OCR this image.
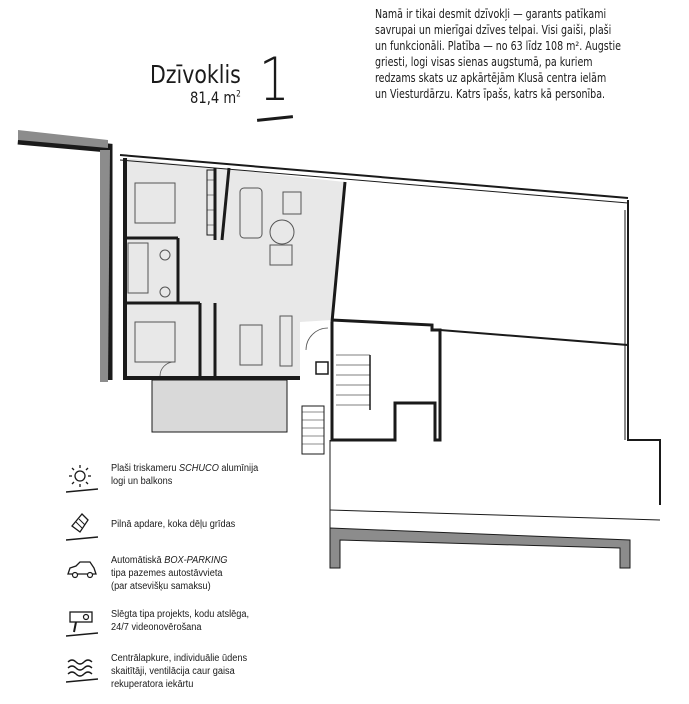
Dzīvoklis
81,4 $m^2$ 1
Namā ir tikai desmit dzīvokļi — garants patīkami
savrupai un mierīgai dzīves telpai. Visi gaiši, plaši
un funkcionāli. Platība — no 63 līdz 108 m². Augstie
griesti, logi visas sienas augstumā, pa kuriem
redzams skats uz apkārtējām Klusā centra ielām
un Viesturdārzu. Katrs īpašs, katrs kā personība.
Plaši triskameru SCHUCO alumīnija
logi un balkons
Pilnā apdare, koka dēļu grīdas
Automātiskā BOX-PARKING
tipa pazemes autostāvvieta
(par atsevišķu samaksu)
Slēgta tipa projekts, kodu atslēga,
24/7 videonovērošana
Centrālapkure, individuālie ūdens
skaitītāji, ventilācija caur gaisa
rekuperatora iekārtu
